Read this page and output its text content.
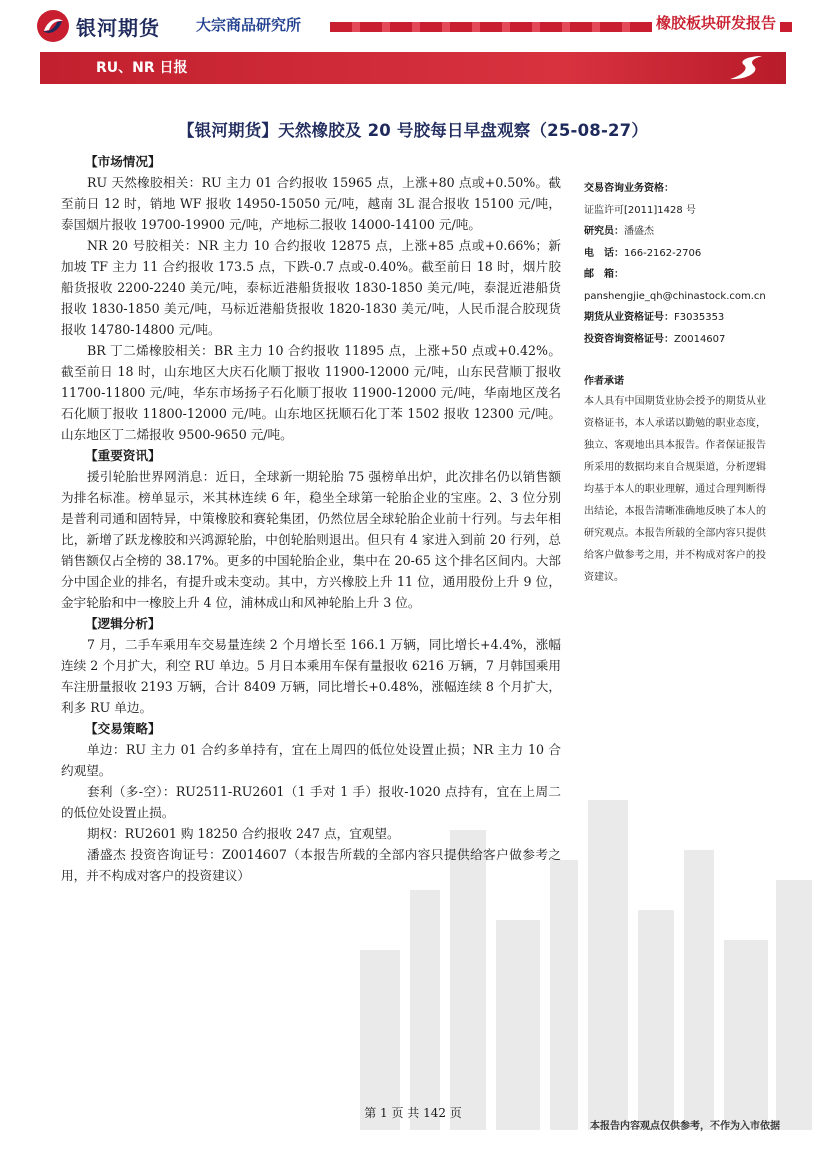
银河期货 大宗商品研究所	橡胶板块研发报告
RU、NR 日报
【银河期货】天然橡胶及 20 号胶每日早盘观察（25-08-27）

【市场情况】

RU 天然橡胶相关：RU 主力 01 合约报收 15965 点，上涨+80 点或+0.50%。截至前日 12 时，销地 WF 报收 14950-15050 元/吨，越南 3L 混合报收 15100 元/吨，泰国烟片报收 19700-19900 元/吨，产地标二报收 14000-14100 元/吨。

NR 20 号胶相关：NR 主力 10 合约报收 12875 点，上涨+85 点或+0.66%；新加坡 TF 主力 11 合约报收 173.5 点，下跌-0.7 点或-0.40%。截至前日 18 时，烟片胶船货报收 2200-2240 美元/吨，泰标近港船货报收 1830-1850 美元/吨，泰混近港船货报收 1830-1850 美元/吨，马标近港船货报收 1820-1830 美元/吨，人民币混合胶现货报收 14780-14800 元/吨。

BR 丁二烯橡胶相关：BR 主力 10 合约报收 11895 点，上涨+50 点或+0.42%。截至前日 18 时，山东地区大庆石化顺丁报收 11900-12000 元/吨，山东民营顺丁报收 11700-11800 元/吨，华东市场扬子石化顺丁报收 11900-12000 元/吨，华南地区茂名石化顺丁报收 11800-12000 元/吨。山东地区抚顺石化丁苯 1502 报收 12300 元/吨。山东地区丁二烯报收 9500-9650 元/吨。

【重要资讯】

援引轮胎世界网消息：近日，全球新一期轮胎 75 强榜单出炉，此次排名仍以销售额为排名标准。榜单显示，米其林连续 6 年，稳坐全球第一轮胎企业的宝座。2、3 位分别是普利司通和固特异，中策橡胶和赛轮集团，仍然位居全球轮胎企业前十行列。与去年相比，新增了跃龙橡胶和兴鸿源轮胎，中创轮胎则退出。但只有 4 家进入到前 20 行列，总销售额仅占全榜的 38.17%。更多的中国轮胎企业，集中在 20-65 这个排名区间内。大部分中国企业的排名，有提升或未变动。其中，方兴橡胶上升 11 位，通用股份上升 9 位，金宇轮胎和中一橡胶上升 4 位，浦林成山和风神轮胎上升 3 位。

【逻辑分析】

7 月，二手车乘用车交易量连续 2 个月增长至 166.1 万辆，同比增长+4.4%，涨幅连续 2 个月扩大，利空 RU 单边。5 月日本乘用车保有量报收 6216 万辆，7 月韩国乘用车注册量报收 2193 万辆，合计 8409 万辆，同比增长+0.48%，涨幅连续 8 个月扩大，利多 RU 单边。

【交易策略】

单边：RU 主力 01 合约多单持有，宜在上周四的低位处设置止损；NR 主力 10 合约观望。

套利（多-空）：RU2511-RU2601（1 手对 1 手）报收-1020 点持有，宜在上周二的低位处设置止损。

期权：RU2601 购 18250 合约报收 247 点，宜观望。

潘盛杰 投资咨询证号：Z0014607（本报告所载的全部内容只提供给客户做参考之用，并不构成对客户的投资建议）

交易咨询业务资格：
证监许可[2011]1428 号
研究员：潘盛杰
电　话：166-2162-2706
邮　箱：
panshengjie_qh@chinastock.com.cn
期货从业资格证号：F3035353
投资咨询资格证号：Z0014607
作者承诺
本人具有中国期货业协会授予的期货从业资格证书，本人承诺以勤勉的职业态度，独立、客观地出具本报告。作者保证报告所采用的数据均来自合规渠道，分析逻辑均基于本人的职业理解，通过合理判断得出结论，本报告清晰准确地反映了本人的研究观点。本报告所载的全部内容只提供给客户做参考之用，并不构成对客户的投资建议。
第 1 页 共 142 页
本报告内容观点仅供参考，不作为入市依据
